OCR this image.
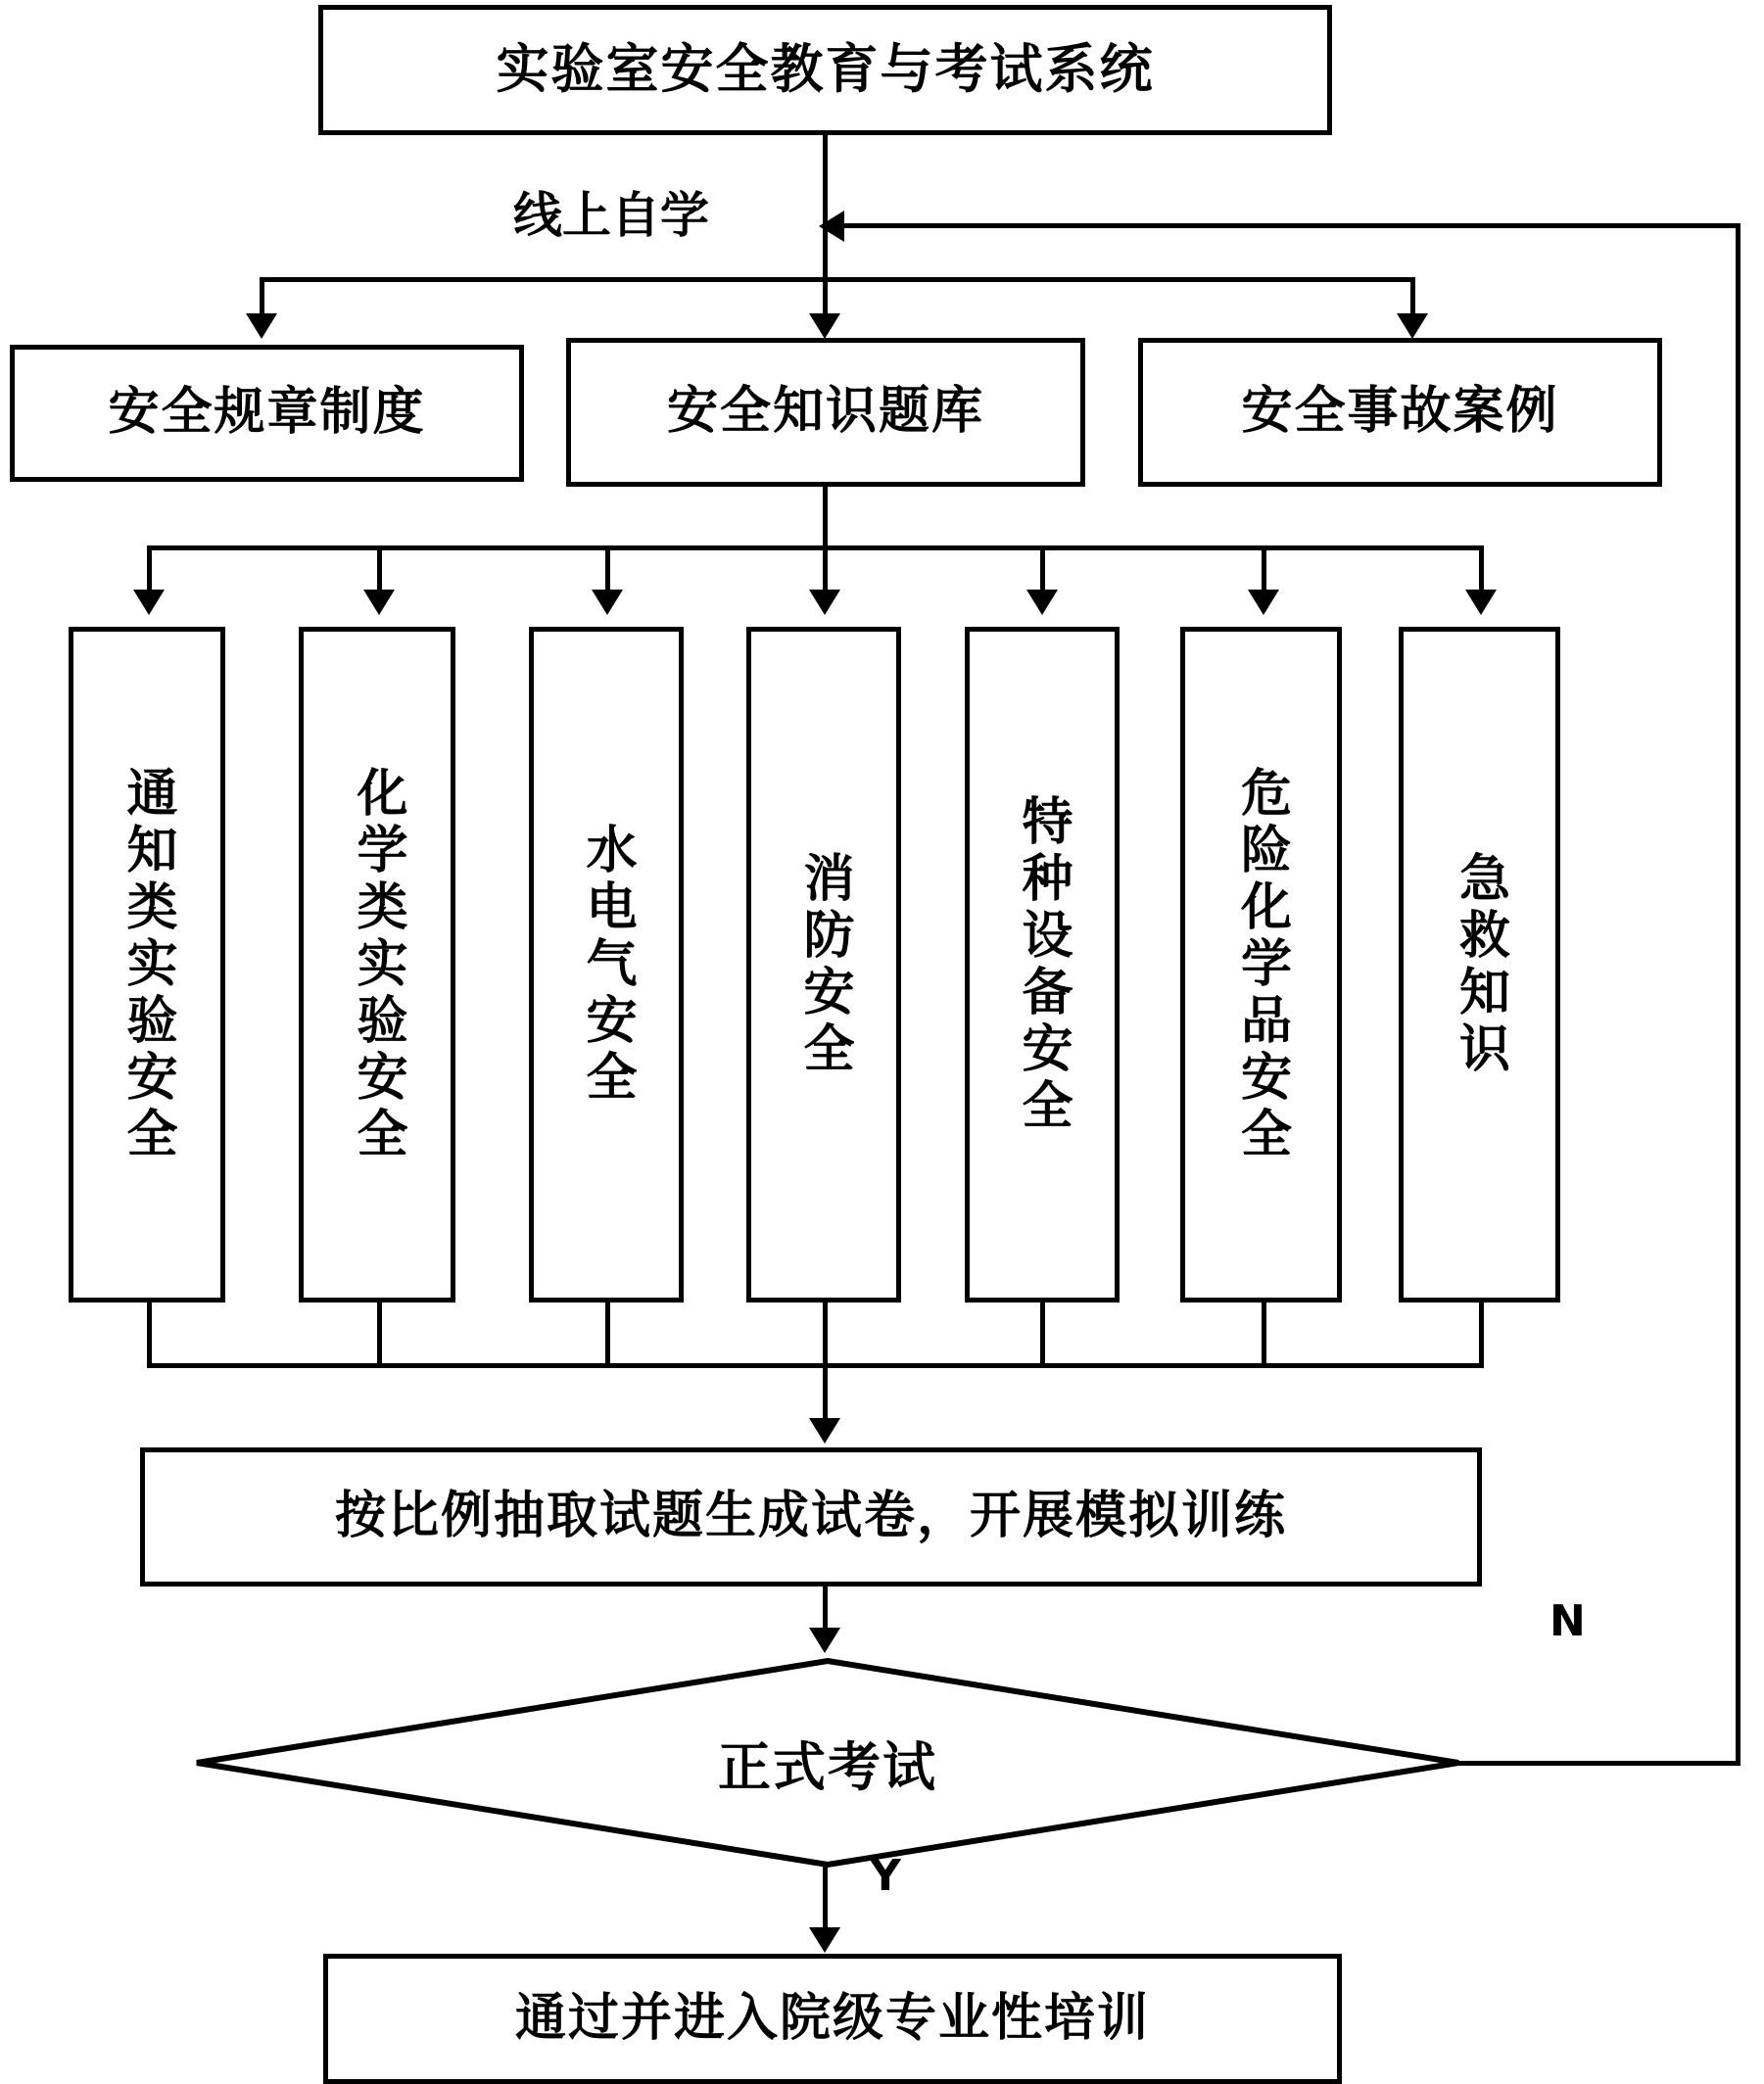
实验室安全教育与考试系统
线上自学
安全规章制度	安全知识题库	安全事故案例
通知类实验安全	化学类实验安全	水电气安全	消防安全	特种设备安全	危险化学品安全	急救知识
按比例抽取试题生成试卷，开展模拟训练
正式考试
N
Y
通过并进入院级专业性培训
